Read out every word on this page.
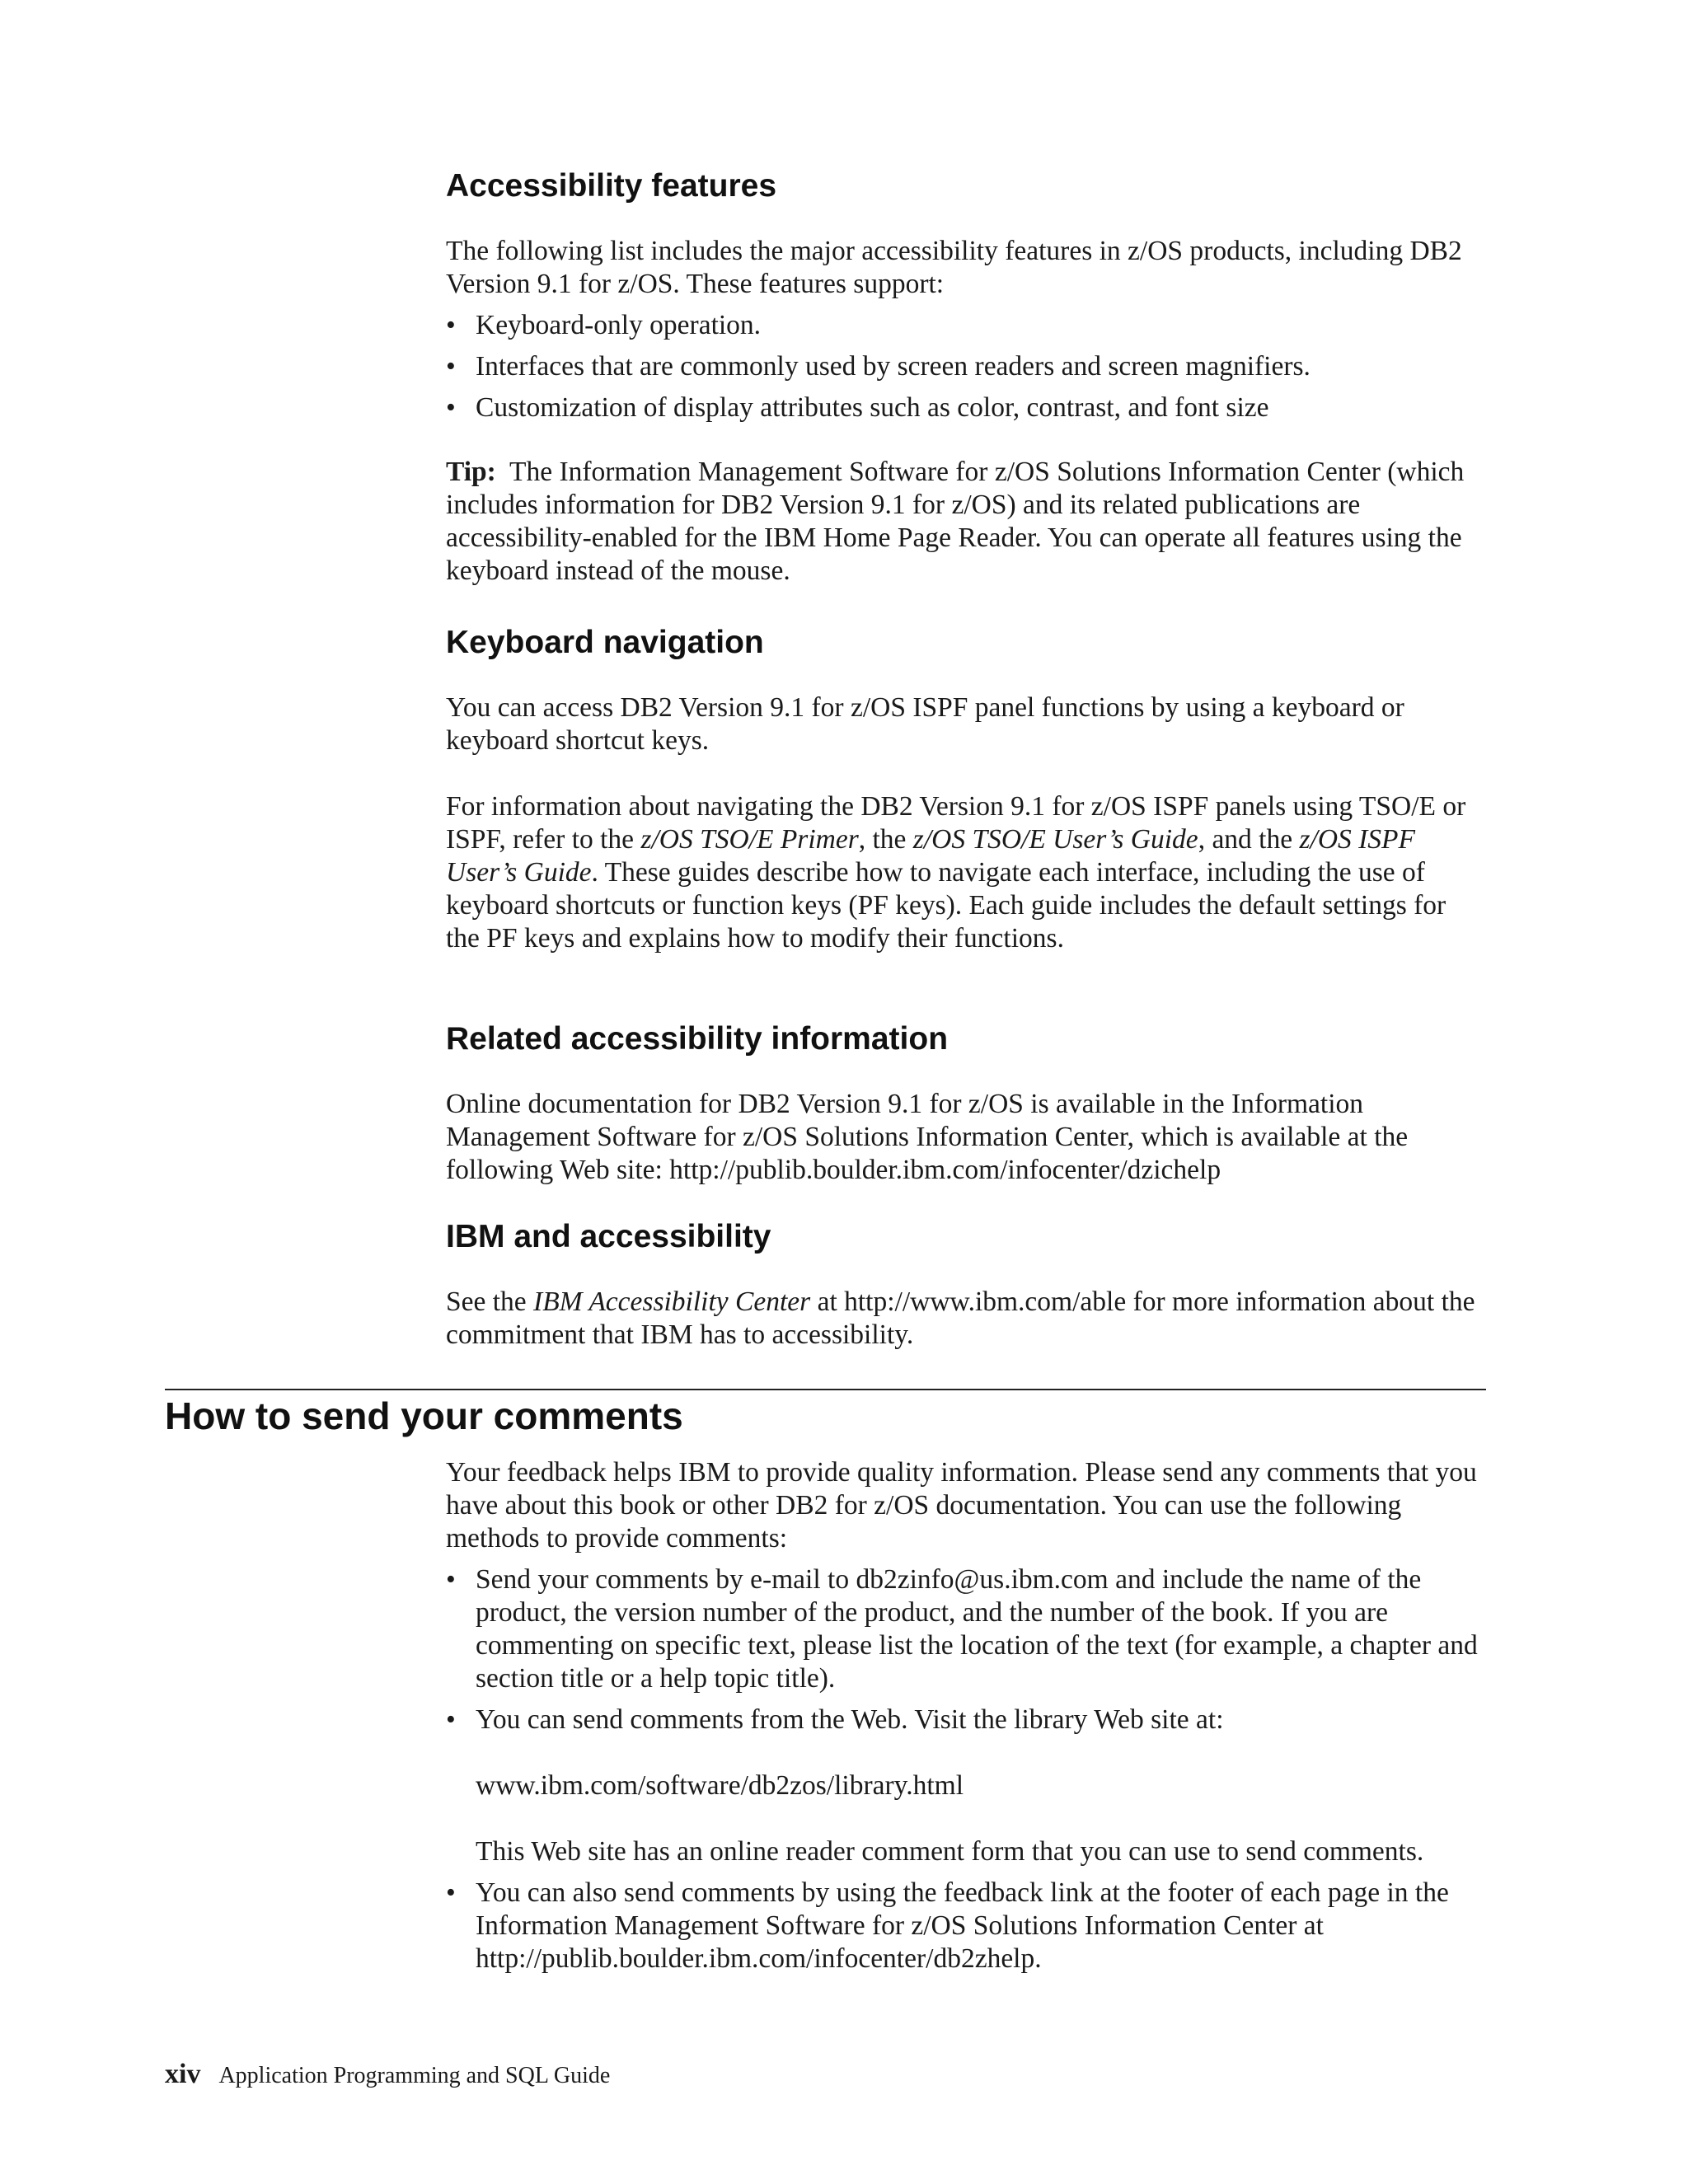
Accessibility features

The following list includes the major accessibility features in z/OS products, including DB2 Version 9.1 for z/OS. These features support:

• Keyboard-only operation.
• Interfaces that are commonly used by screen readers and screen magnifiers.
• Customization of display attributes such as color, contrast, and font size

Tip: The Information Management Software for z/OS Solutions Information Center (which includes information for DB2 Version 9.1 for z/OS) and its related publications are accessibility-enabled for the IBM Home Page Reader. You can operate all features using the keyboard instead of the mouse.

Keyboard navigation

You can access DB2 Version 9.1 for z/OS ISPF panel functions by using a keyboard or keyboard shortcut keys.

For information about navigating the DB2 Version 9.1 for z/OS ISPF panels using TSO/E or ISPF, refer to the z/OS TSO/E Primer, the z/OS TSO/E User’s Guide, and the z/OS ISPF User’s Guide. These guides describe how to navigate each interface, including the use of keyboard shortcuts or function keys (PF keys). Each guide includes the default settings for the PF keys and explains how to modify their functions.

Related accessibility information

Online documentation for DB2 Version 9.1 for z/OS is available in the Information Management Software for z/OS Solutions Information Center, which is available at the following Web site: http://publib.boulder.ibm.com/infocenter/dzichelp

IBM and accessibility

See the IBM Accessibility Center at http://www.ibm.com/able for more information about the commitment that IBM has to accessibility.

How to send your comments

Your feedback helps IBM to provide quality information. Please send any comments that you have about this book or other DB2 for z/OS documentation. You can use the following methods to provide comments:

• Send your comments by e-mail to db2zinfo@us.ibm.com and include the name of the product, the version number of the product, and the number of the book. If you are commenting on specific text, please list the location of the text (for example, a chapter and section title or a help topic title).
• You can send comments from the Web. Visit the library Web site at:
www.ibm.com/software/db2zos/library.html
This Web site has an online reader comment form that you can use to send comments.
• You can also send comments by using the feedback link at the footer of each page in the Information Management Software for z/OS Solutions Information Center at http://publib.boulder.ibm.com/infocenter/db2zhelp.
xiv Application Programming and SQL Guide
